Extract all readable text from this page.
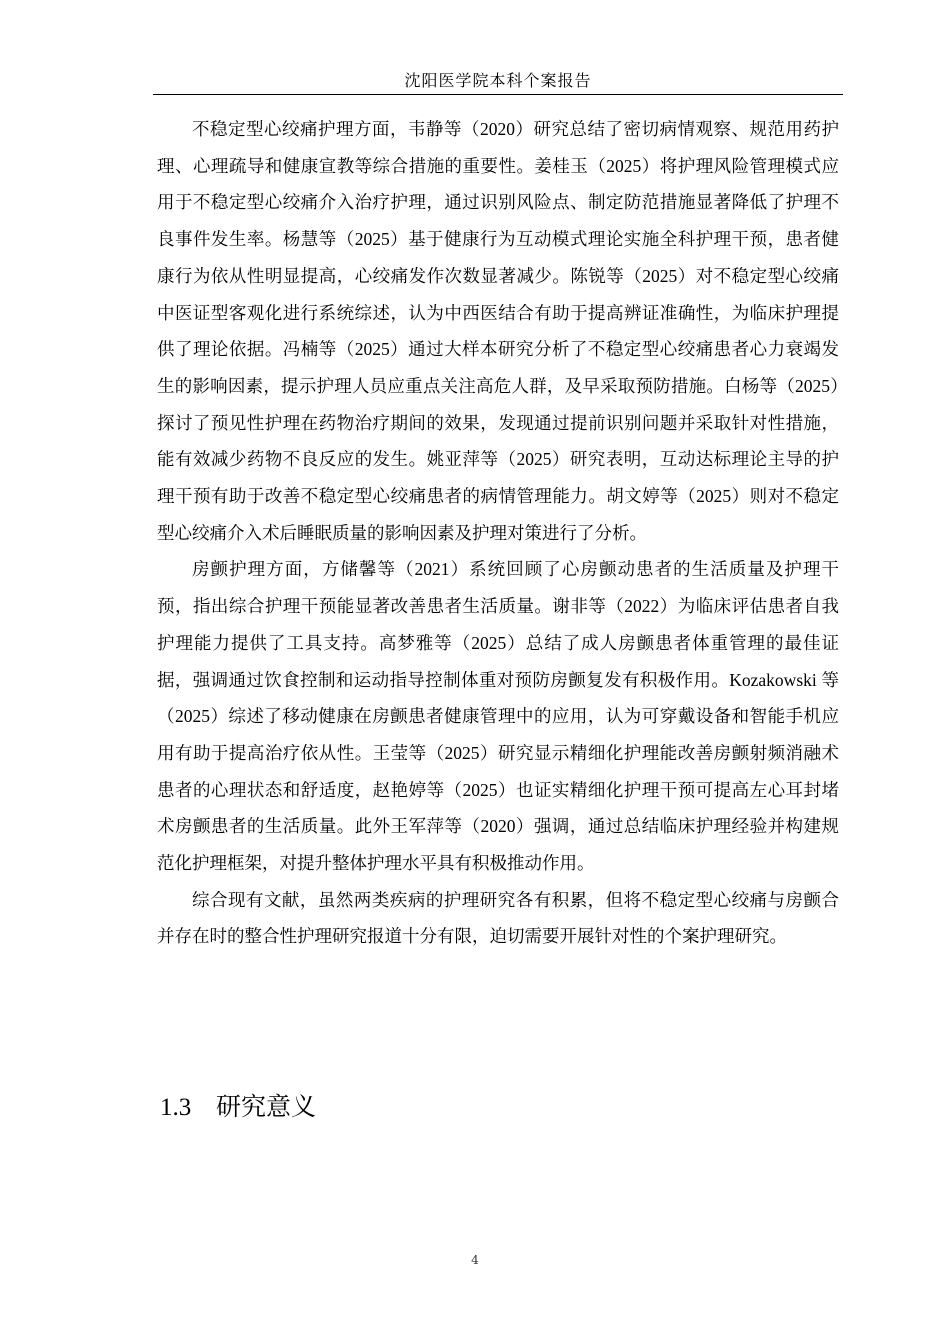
沈阳医学院本科个案报告

不稳定型心绞痛护理方面，韦静等（2020）研究总结了密切病情观察、规范用药护理、心理疏导和健康宣教等综合措施的重要性。姜桂玉（2025）将护理风险管理模式应用于不稳定型心绞痛介入治疗护理，通过识别风险点、制定防范措施显著降低了护理不良事件发生率。杨慧等（2025）基于健康行为互动模式理论实施全科护理干预，患者健康行为依从性明显提高，心绞痛发作次数显著减少。陈锐等（2025）对不稳定型心绞痛中医证型客观化进行系统综述，认为中西医结合有助于提高辨证准确性，为临床护理提供了理论依据。冯楠等（2025）通过大样本研究分析了不稳定型心绞痛患者心力衰竭发生的影响因素，提示护理人员应重点关注高危人群，及早采取预防措施。白杨等（2025）探讨了预见性护理在药物治疗期间的效果，发现通过提前识别问题并采取针对性措施，能有效减少药物不良反应的发生。姚亚萍等（2025）研究表明，互动达标理论主导的护理干预有助于改善不稳定型心绞痛患者的病情管理能力。胡文婷等（2025）则对不稳定型心绞痛介入术后睡眠质量的影响因素及护理对策进行了分析。

房颤护理方面，方储馨等（2021）系统回顾了心房颤动患者的生活质量及护理干预，指出综合护理干预能显著改善患者生活质量。谢非等（2022）为临床评估患者自我护理能力提供了工具支持。高梦雅等（2025）总结了成人房颤患者体重管理的最佳证据，强调通过饮食控制和运动指导控制体重对预防房颤复发有积极作用。Kozakowski 等（2025）综述了移动健康在房颤患者健康管理中的应用，认为可穿戴设备和智能手机应用有助于提高治疗依从性。王莹等（2025）研究显示精细化护理能改善房颤射频消融术患者的心理状态和舒适度，赵艳婷等（2025）也证实精细化护理干预可提高左心耳封堵术房颤患者的生活质量。此外王军萍等（2020）强调，通过总结临床护理经验并构建规范化护理框架，对提升整体护理水平具有积极推动作用。

综合现有文献，虽然两类疾病的护理研究各有积累，但将不稳定型心绞痛与房颤合并存在时的整合性护理研究报道十分有限，迫切需要开展针对性的个案护理研究。

1.3 研究意义
4
